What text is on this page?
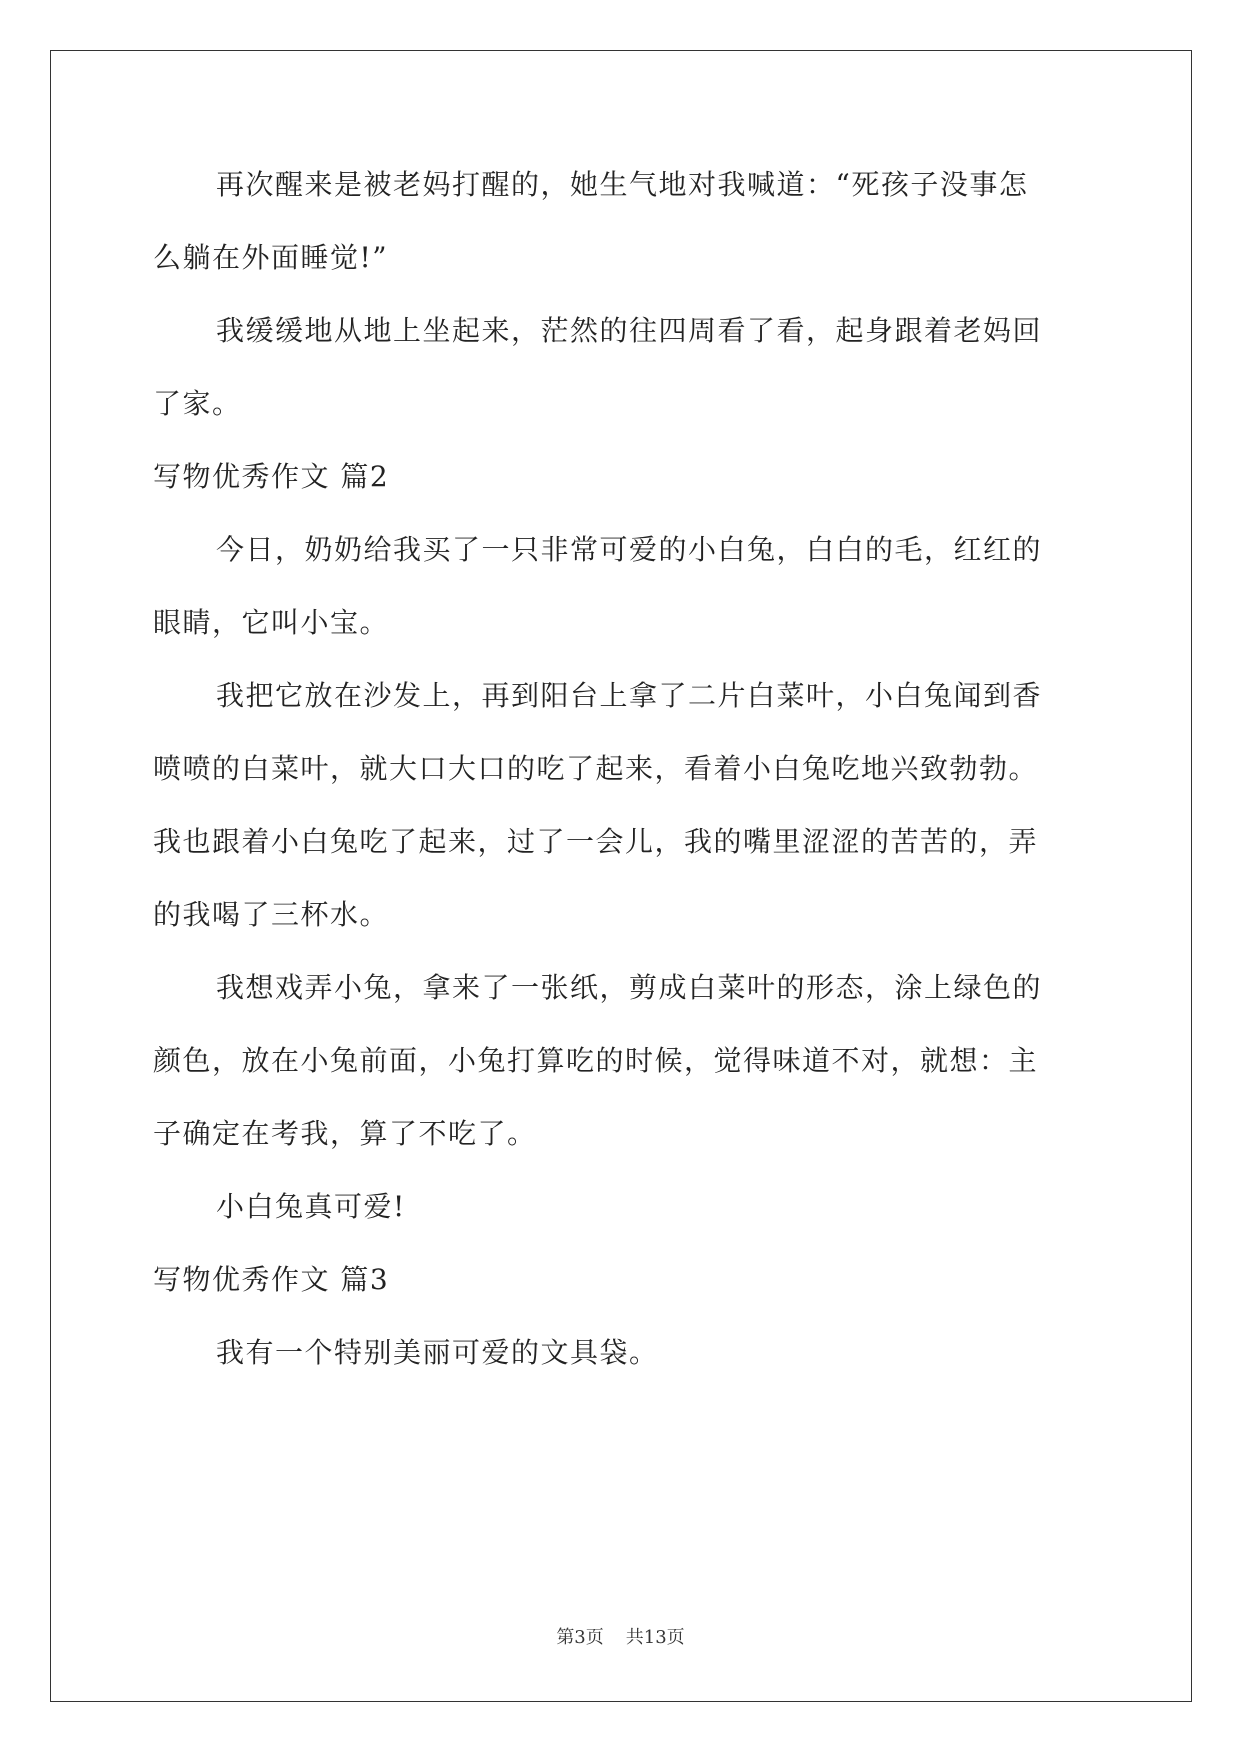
再次醒来是被老妈打醒的，她生气地对我喊道：“死孩子没事怎
么躺在外面睡觉!”
我缓缓地从地上坐起来，茫然的往四周看了看，起身跟着老妈回
了家。
写物优秀作文 篇2
今日，奶奶给我买了一只非常可爱的小白兔，白白的毛，红红的
眼睛，它叫小宝。
我把它放在沙发上，再到阳台上拿了二片白菜叶，小白兔闻到香
喷喷的白菜叶，就大口大口的吃了起来，看着小白兔吃地兴致勃勃。
我也跟着小白兔吃了起来，过了一会儿，我的嘴里涩涩的苦苦的，弄
的我喝了三杯水。
我想戏弄小兔，拿来了一张纸，剪成白菜叶的形态，涂上绿色的
颜色，放在小兔前面，小兔打算吃的时候，觉得味道不对，就想：主
子确定在考我，算了不吃了。
小白兔真可爱!
写物优秀作文 篇3
我有一个特别美丽可爱的文具袋。
第3页 共13页
